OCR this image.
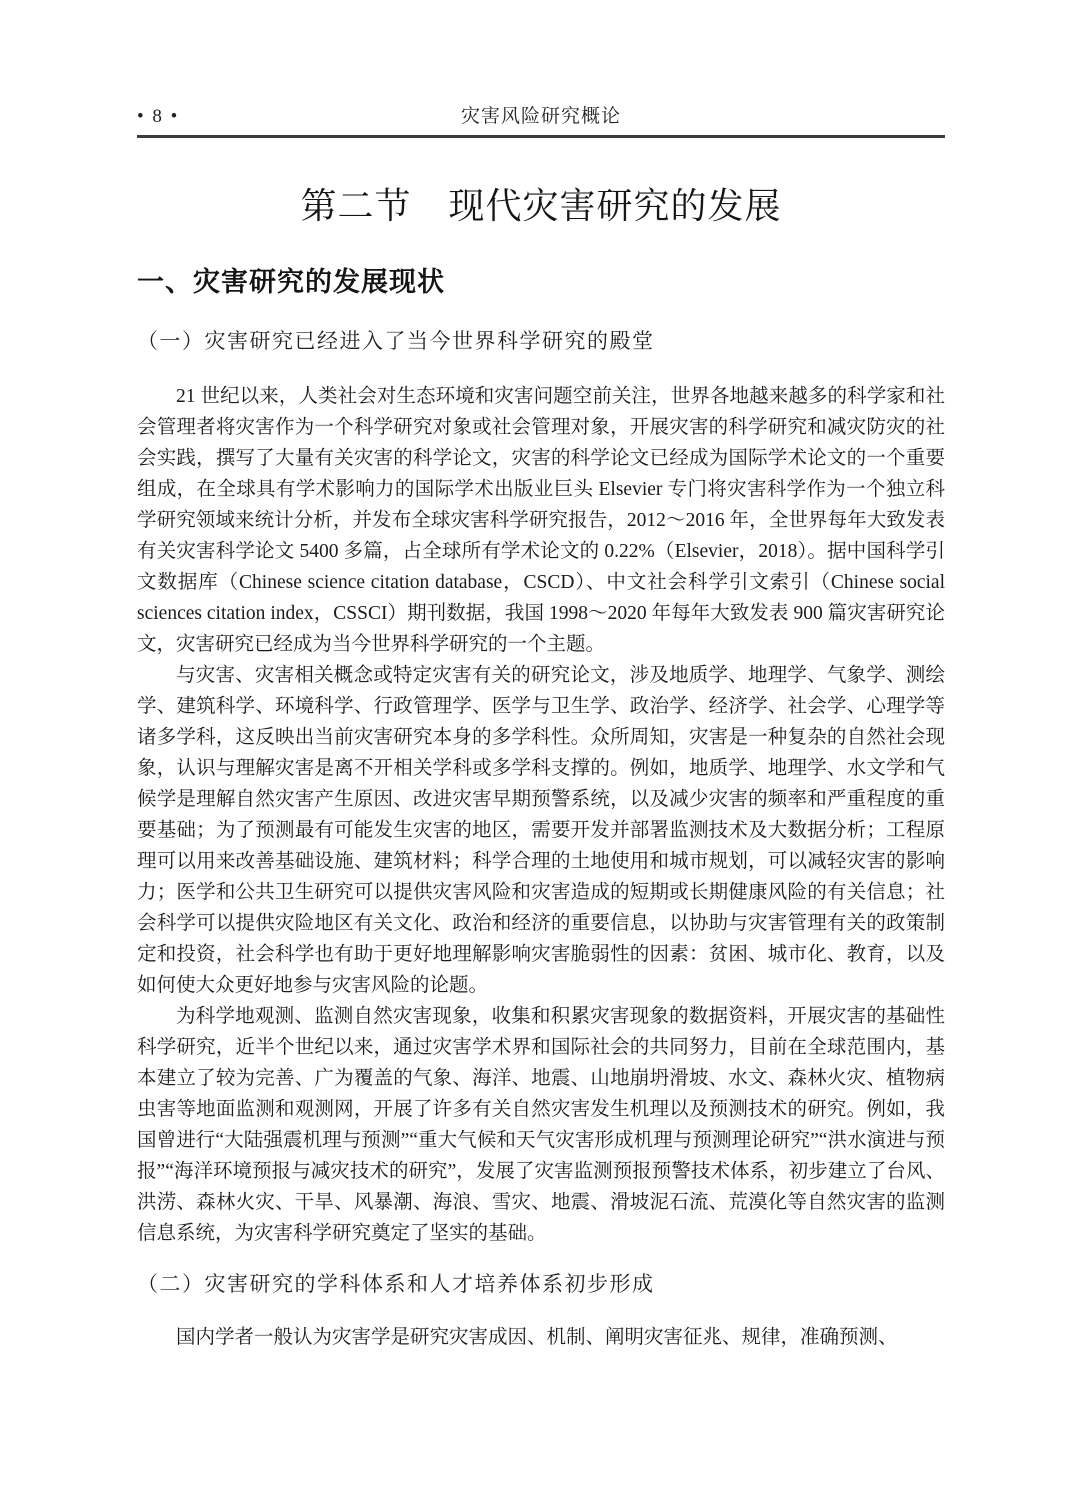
• 8 •	灾害风险研究概论
第二节　现代灾害研究的发展
一、灾害研究的发展现状
（一）灾害研究已经进入了当今世界科学研究的殿堂

21 世纪以来，人类社会对生态环境和灾害问题空前关注，世界各地越来越多的科学家和社会管理者将灾害作为一个科学研究对象或社会管理对象，开展灾害的科学研究和减灾防灾的社会实践，撰写了大量有关灾害的科学论文，灾害的科学论文已经成为国际学术论文的一个重要组成，在全球具有学术影响力的国际学术出版业巨头 Elsevier 专门将灾害科学作为一个独立科学研究领域来统计分析，并发布全球灾害科学研究报告，2012～2016 年，全世界每年大致发表有关灾害科学论文 5400 多篇，占全球所有学术论文的 0.22%（Elsevier，2018）。据中国科学引文数据库（Chinese science citation database，CSCD）、中文社会科学引文索引（Chinese social sciences citation index，CSSCI）期刊数据，我国 1998～2020 年每年大致发表 900 篇灾害研究论文，灾害研究已经成为当今世界科学研究的一个主题。

与灾害、灾害相关概念或特定灾害有关的研究论文，涉及地质学、地理学、气象学、测绘学、建筑科学、环境科学、行政管理学、医学与卫生学、政治学、经济学、社会学、心理学等诸多学科，这反映出当前灾害研究本身的多学科性。众所周知，灾害是一种复杂的自然社会现象，认识与理解灾害是离不开相关学科或多学科支撑的。例如，地质学、地理学、水文学和气候学是理解自然灾害产生原因、改进灾害早期预警系统，以及减少灾害的频率和严重程度的重要基础；为了预测最有可能发生灾害的地区，需要开发并部署监测技术及大数据分析；工程原理可以用来改善基础设施、建筑材料；科学合理的土地使用和城市规划，可以减轻灾害的影响力；医学和公共卫生研究可以提供灾害风险和灾害造成的短期或长期健康风险的有关信息；社会科学可以提供灾险地区有关文化、政治和经济的重要信息，以协助与灾害管理有关的政策制定和投资，社会科学也有助于更好地理解影响灾害脆弱性的因素：贫困、城市化、教育，以及如何使大众更好地参与灾害风险的论题。

为科学地观测、监测自然灾害现象，收集和积累灾害现象的数据资料，开展灾害的基础性科学研究，近半个世纪以来，通过灾害学术界和国际社会的共同努力，目前在全球范围内，基本建立了较为完善、广为覆盖的气象、海洋、地震、山地崩坍滑坡、水文、森林火灾、植物病虫害等地面监测和观测网，开展了许多有关自然灾害发生机理以及预测技术的研究。例如，我国曾进行“大陆强震机理与预测”“重大气候和天气灾害形成机理与预测理论研究”“洪水演进与预报”“海洋环境预报与减灾技术的研究”，发展了灾害监测预报预警技术体系，初步建立了台风、洪涝、森林火灾、干旱、风暴潮、海浪、雪灾、地震、滑坡泥石流、荒漠化等自然灾害的监测信息系统，为灾害科学研究奠定了坚实的基础。

（二）灾害研究的学科体系和人才培养体系初步形成

国内学者一般认为灾害学是研究灾害成因、机制、阐明灾害征兆、规律，准确预测、
